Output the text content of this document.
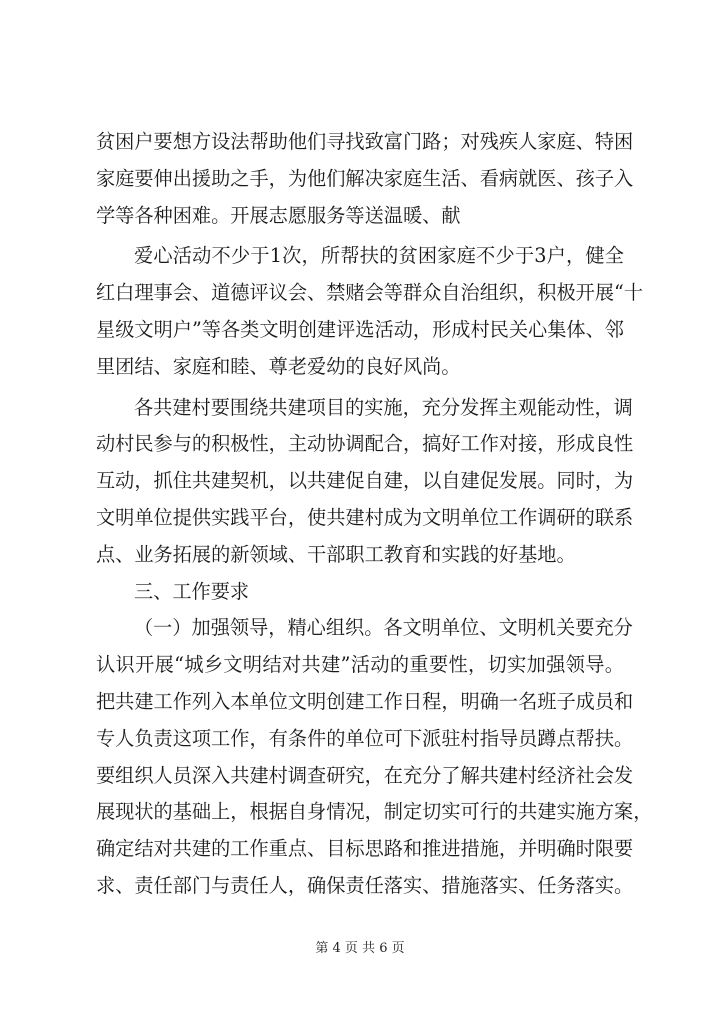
贫困户要想方设法帮助他们寻找致富门路；对残疾人家庭、特困
家庭要伸出援助之手，为他们解决家庭生活、看病就医、孩子入
学等各种困难。开展志愿服务等送温暖、献
爱心活动不少于1次，所帮扶的贫困家庭不少于3户，健全
红白理事会、道德评议会、禁赌会等群众自治组织，积极开展“十
星级文明户”等各类文明创建评选活动，形成村民关心集体、邻
里团结、家庭和睦、尊老爱幼的良好风尚。
各共建村要围绕共建项目的实施，充分发挥主观能动性，调
动村民参与的积极性，主动协调配合，搞好工作对接，形成良性
互动，抓住共建契机，以共建促自建，以自建促发展。同时，为
文明单位提供实践平台，使共建村成为文明单位工作调研的联系
点、业务拓展的新领域、干部职工教育和实践的好基地。
三、工作要求
（一）加强领导，精心组织。各文明单位、文明机关要充分
认识开展“城乡文明结对共建”活动的重要性，切实加强领导。
把共建工作列入本单位文明创建工作日程，明确一名班子成员和
专人负责这项工作，有条件的单位可下派驻村指导员蹲点帮扶。
要组织人员深入共建村调查研究，在充分了解共建村经济社会发
展现状的基础上，根据自身情况，制定切实可行的共建实施方案，
确定结对共建的工作重点、目标思路和推进措施，并明确时限要
求、责任部门与责任人，确保责任落实、措施落实、任务落实。
第 4 页 共 6 页
